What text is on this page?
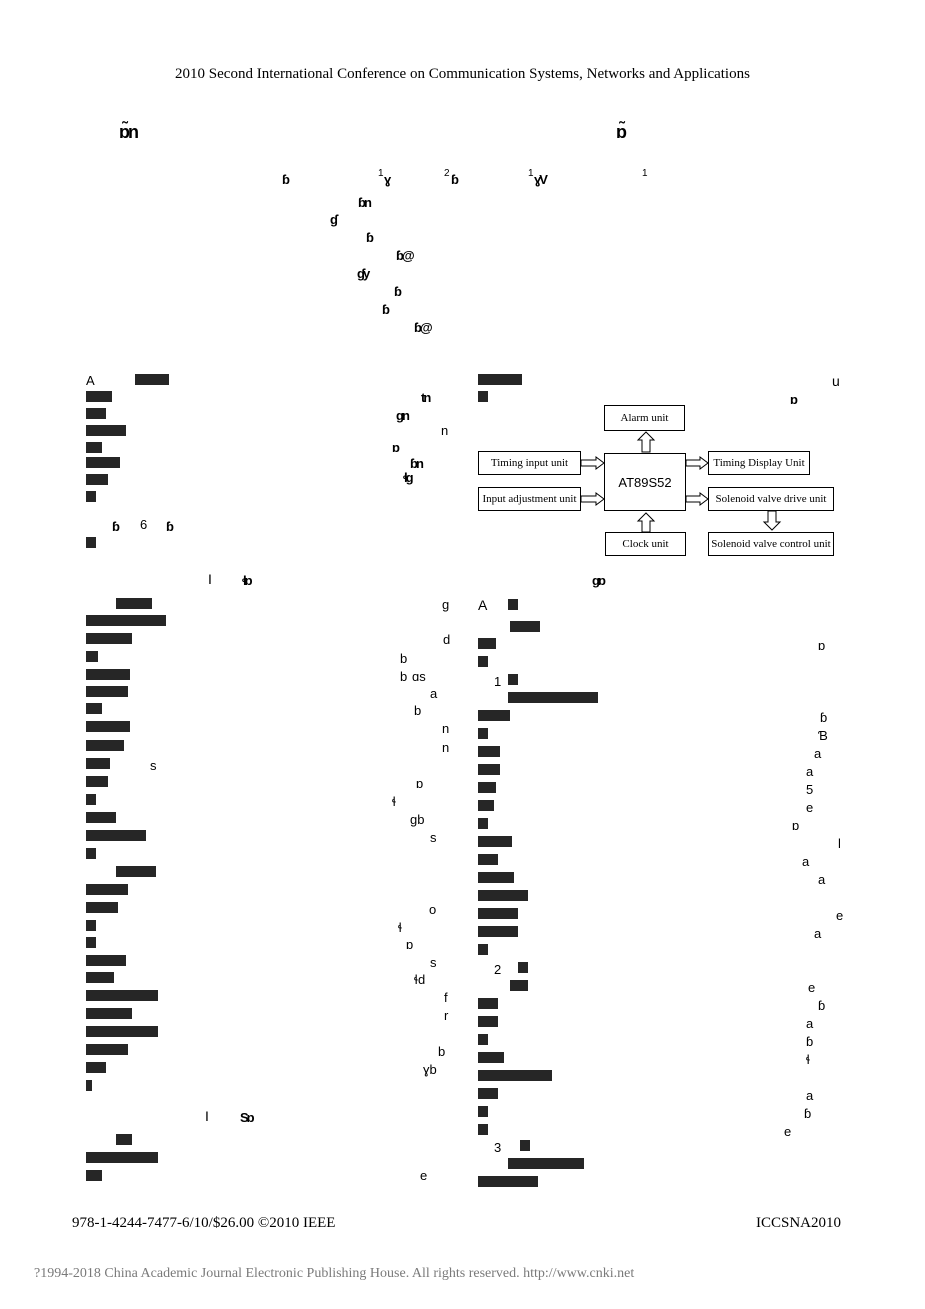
2010 Second International Conference on Communication Systems, Networks and Applications
ɒ̃n	ɒ̃
ɓ	1 ɣ	2 ɓ	1 ɣV	1
ɓn
ɠ
ɓ
ɓ@
ɠy
ɓ
ɓ
ɓ@
A
tn
ɡn
n
ɒ
ɓn
ɬg
ɓ 6 ɓ
I ɬɒ
g
b
d
b ɑs
a
b
n
n
s
ɒ
ɬ
ɡb
s
o
ɬ
ɒ
s
ɬd
f
r
b
ɣb
I Sɒ
e
u
ɒ
Alarm unit
AT89S52
Timing input unit
Input adjustment unit
Clock unit
Timing Display Unit
Solenoid valve drive unit
Solenoid valve control unit
ɡɒ
A
1
2
3
ɒ
ɓ
Ɓ
a
a
5
e
ɒ
l
a
a
e
a
e
ɓ
a
ɓ
ɬ
a
ɓ
e
978-1-4244-7477-6/10/$26.00 ©2010 IEEE	ICCSNA2010
?1994-2018 China Academic Journal Electronic Publishing House. All rights reserved. http://www.cnki.net
